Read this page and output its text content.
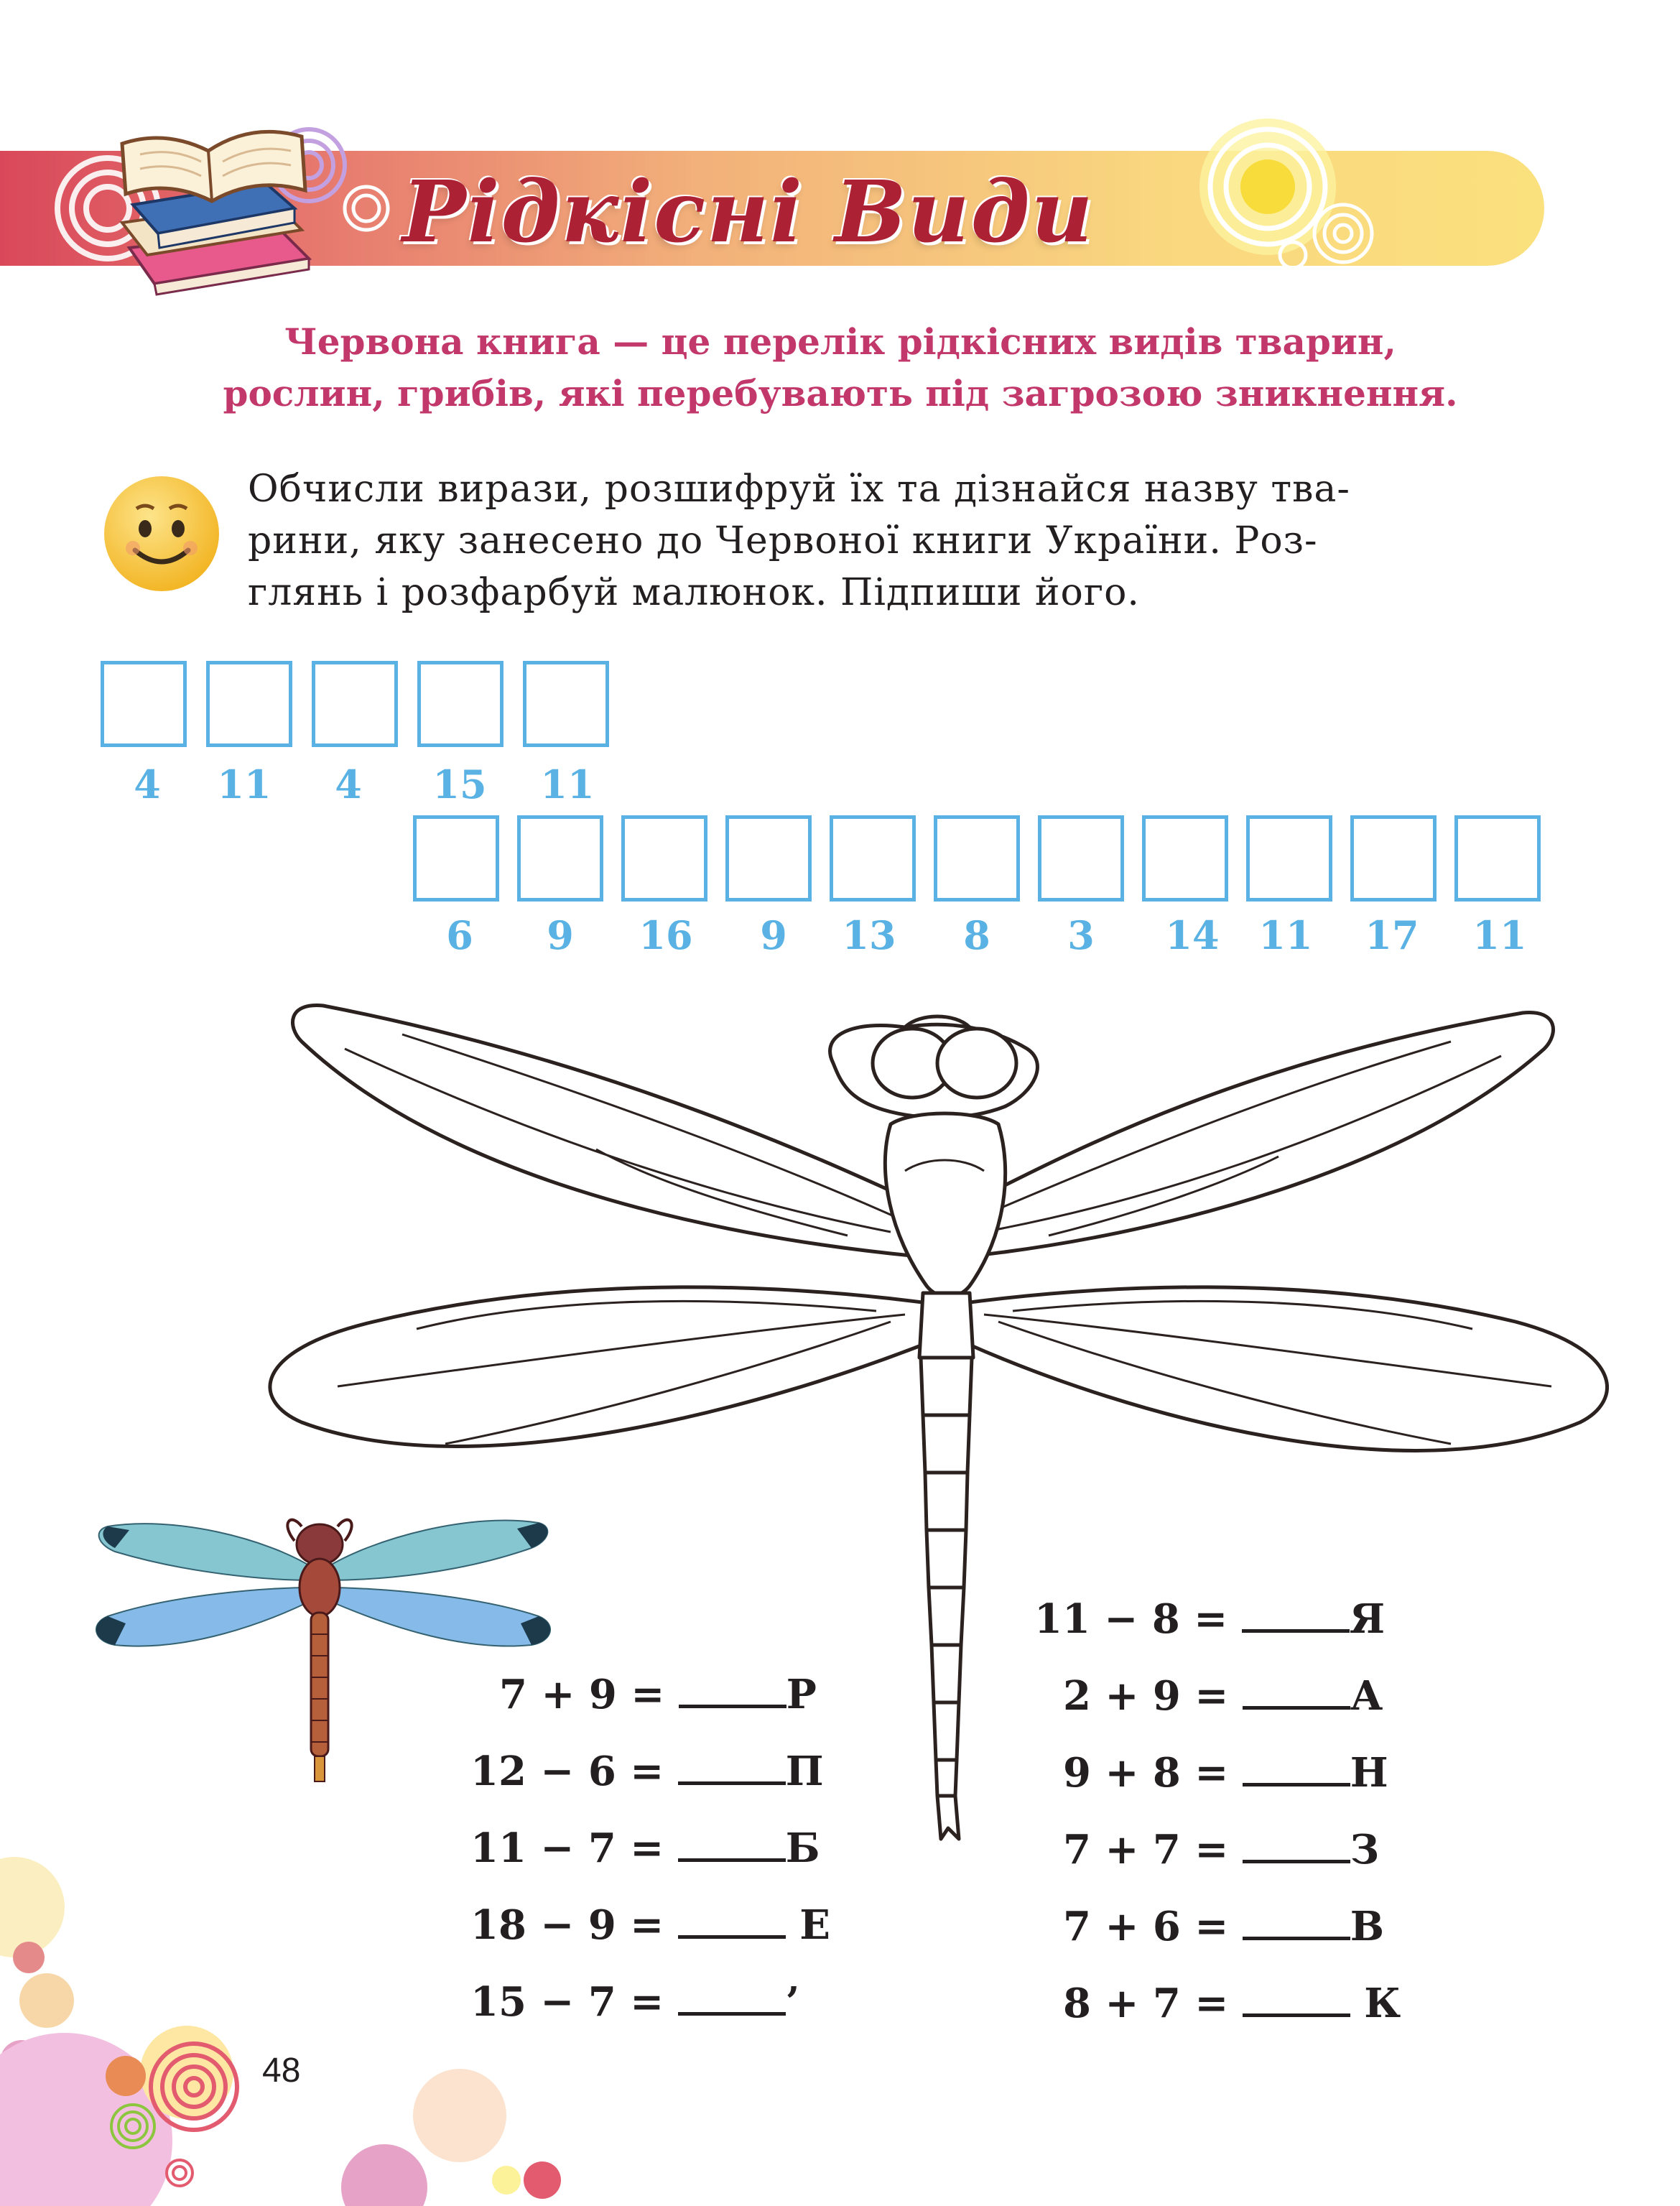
Рідкісні Види
Червона книга — це перелік рідкісних видів тварин,
рослин, грибів, які перебувають під загрозою зникнення.
Обчисли вирази, розшифруй їх та дізнайся назву тва-
рини, яку занесено до Червоної книги України. Роз-
глянь і розфарбуй малюнок. Підпиши його.
4	11	4	15	11
6	9	16	9	13	8	3	14	11	17	11
7 + 9 =	Р
12 − 6 =	П
11 − 7 =	Б
18 − 9 =	Е
15 − 7 =	’
11 − 8 =	Я
2 + 9 =	А
9 + 8 =	Н
7 + 7 =	З
7 + 6 =	В
8 + 7 =	К
48
